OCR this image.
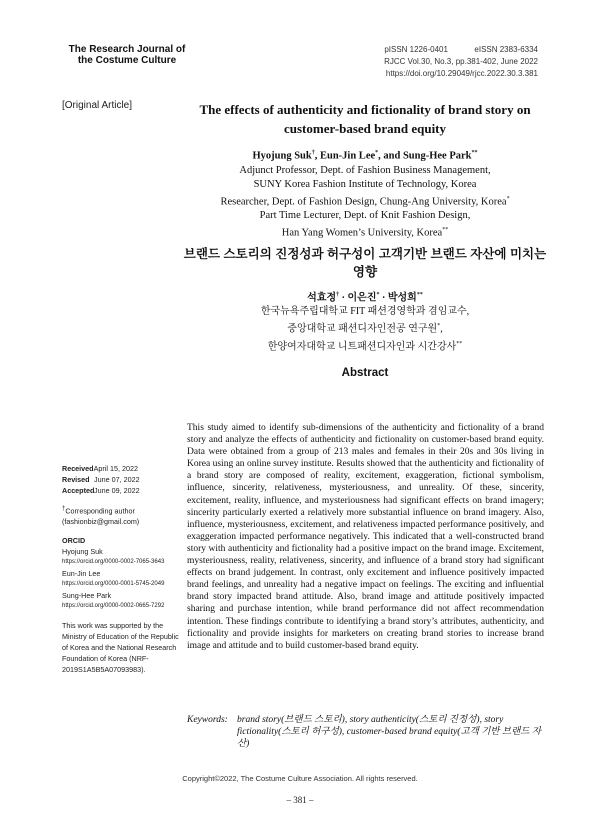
The Research Journal of
the Costume Culture
pISSN 1226-0401	eISSN 2383-6334
RJCC Vol.30, No.3, pp.381-402, June 2022
https://doi.org/10.29049/rjcc.2022.30.3.381
[Original Article]	The effects of authenticity and fictionality of brand story on customer-based brand equity
Hyojung Suk†, Eun-Jin Lee*, and Sung-Hee Park**
Adjunct Professor, Dept. of Fashion Business Management,
SUNY Korea Fashion Institute of Technology, Korea
Researcher, Dept. of Fashion Design, Chung-Ang University, Korea*
Part Time Lecturer, Dept. of Knit Fashion Design,
Han Yang Women’s University, Korea**
브랜드 스토리의 진정성과 허구성이 고객기반 브랜드 자산에 미치는 영향
석효정† · 이은진* · 박성희**
한국뉴욕주립대학교 FIT 패션경영학과 겸임교수,
중앙대학교 패션디자인전공 연구원*,
한양여자대학교 니트패션디자인과 시간강사**
Abstract
This study aimed to identify sub-dimensions of the authenticity and fictionality of a brand story and analyze the effects of authenticity and fictionality on customer-based brand equity. Data were obtained from a group of 213 males and females in their 20s and 30s living in Korea using an online survey institute. Results showed that the authenticity and fictionality of a brand story are composed of reality, excitement, exaggeration, fictional symbolism, influence, sincerity, relativeness, mysteriousness, and unreality. Of these, sincerity, excitement, reality, influence, and mysteriousness had significant effects on brand imagery; sincerity particularly exerted a relatively more substantial influence on brand imagery. Also, influence, mysteriousness, excitement, and relativeness impacted performance positively, and exaggeration impacted performance negatively. This indicated that a well-constructed brand story with authenticity and fictionality had a positive impact on the brand image. Excitement, mysteriousness, reality, relativeness, sincerity, and influence of a brand story had significant effects on brand judgement. In contrast, only excitement and influence positively impacted brand feelings, and unreality had a negative impact on feelings. The exciting and influential brand story impacted brand attitude. Also, brand image and attitude positively impacted sharing and purchase intention, while brand performance did not affect recommendation intention. These findings contribute to identifying a brand story’s attributes, authenticity, and fictionality and provide insights for marketers on creating brand stories to increase brand image and attitude and to build customer-based brand equity.
Received April 15, 2022
Revised June 07, 2022
Accepted June 09, 2022
†Corresponding author
(fashionbiz@gmail.com)
ORCID
Hyojung Suk
https://orcid.org/0000-0002-7065-3643
Eun-Jin Lee
https://orcid.org/0000-0001-5745-2049
Sung-Hee Park
https://orcid.org/0000-0002-0665-7292
This work was supported by the Ministry of Education of the Republic of Korea and the National Research Foundation of Korea (NRF-2019S1A5B5A07093983).
Keywords: brand story(브랜드 스토리), story authenticity(스토리 진정성), story fictionality(스토리 허구성), customer-based brand equity(고객 기반 브랜드 자산)
Copyright©2022, The Costume Culture Association. All rights reserved.
– 381 –
